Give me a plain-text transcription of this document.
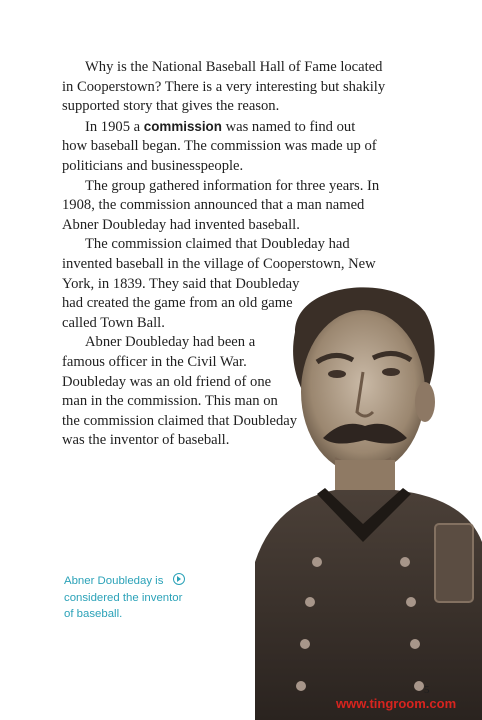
Why is the National Baseball Hall of Fame located

in Cooperstown? There is a very interesting but shakily

supported story that gives the reason.

In 1905 a commission was named to find out

how baseball began. The commission was made up of

politicians and businesspeople.

The group gathered information for three years. In

1908, the commission announced that a man named

Abner Doubleday had invented baseball.

The commission claimed that Doubleday had

invented baseball in the village of Cooperstown, New

York, in 1839. They said that Doubleday

had created the game from an old game

called Town Ball.

Abner Doubleday had been a

famous officer in the Civil War.

Doubleday was an old friend of one

man in the commission. This man on

the commission claimed that Doubleday

was the inventor of baseball.

Abner Doubleday is

considered the inventor

of baseball.

5
www.tingroom.com
